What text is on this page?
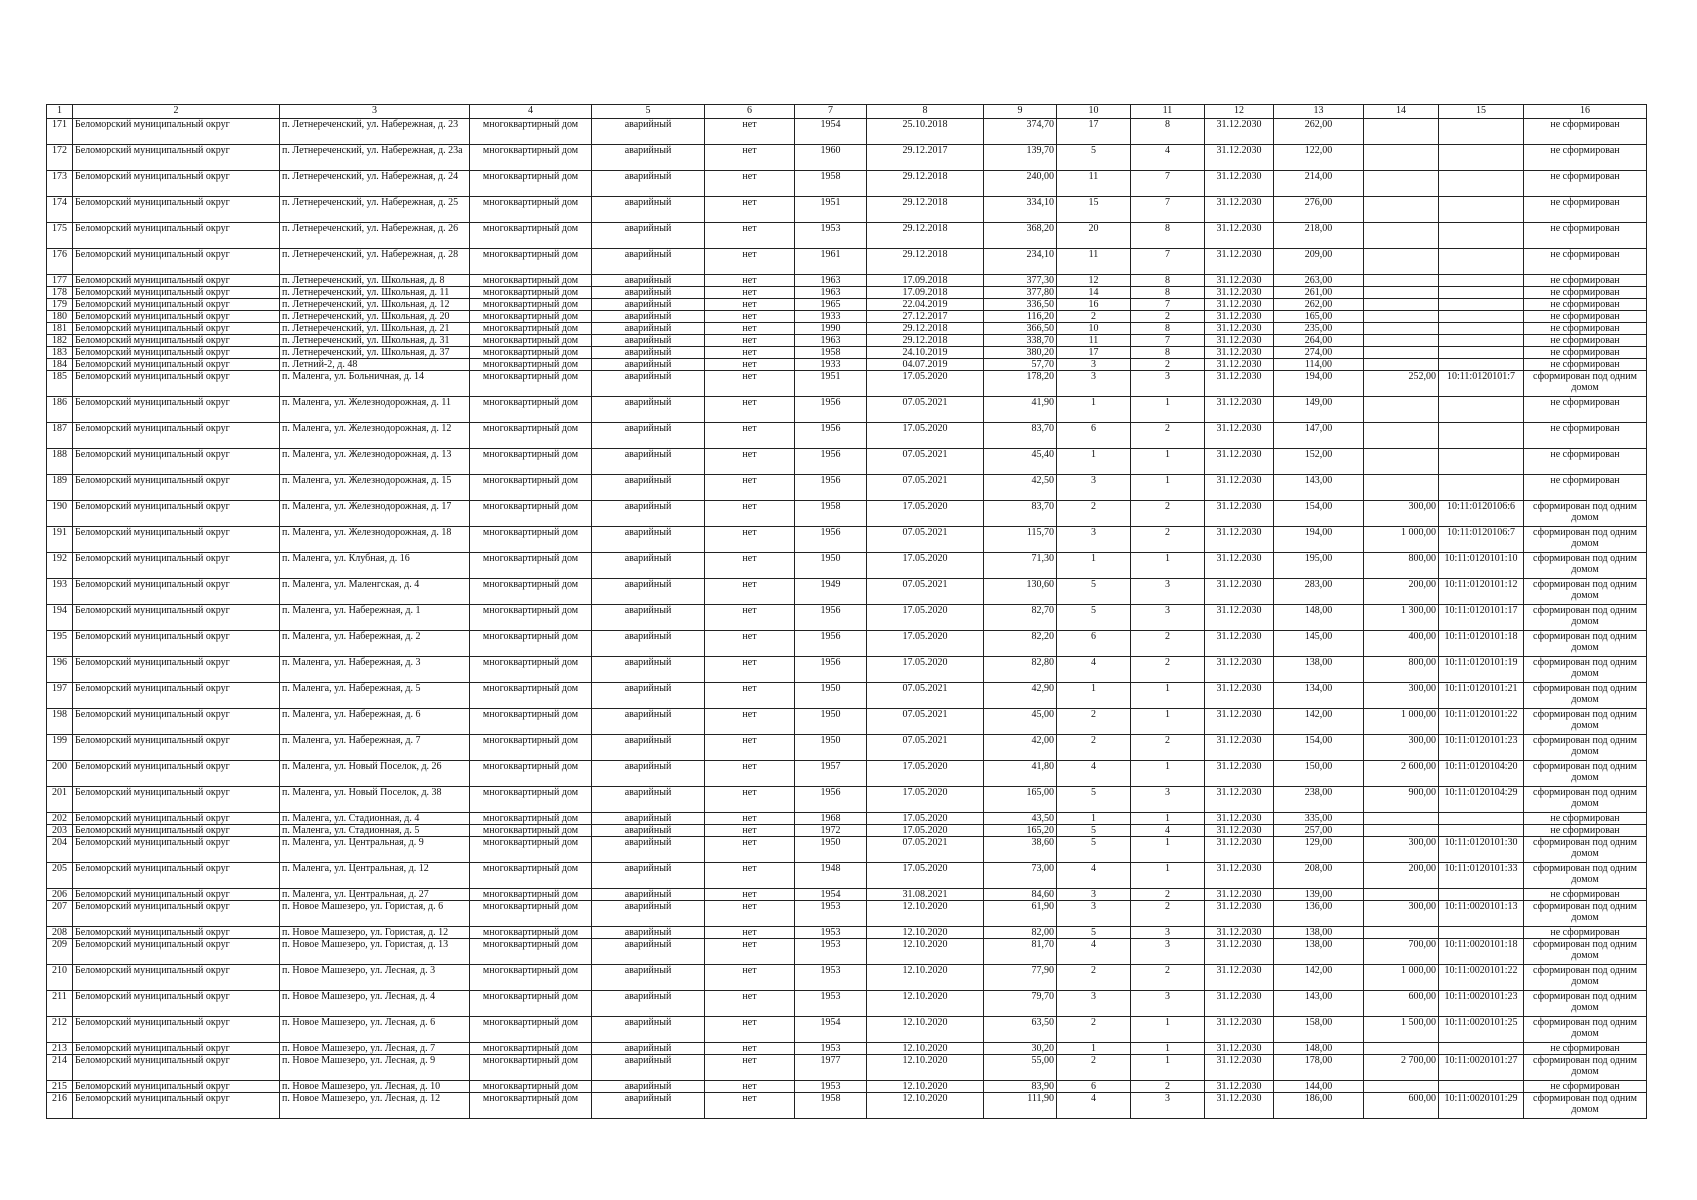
1	2	3	4	5	6	7	8	9	10	11	12	13	14	15	16
171	Беломорский муниципальный округ	п. Летнереченский, ул. Набережная, д. 23	многоквартирный дом	аварийный	нет	1954	25.10.2018	374,70	17	8	31.12.2030	262,00			не сформирован
172	Беломорский муниципальный округ	п. Летнереченский, ул. Набережная, д. 23а	многоквартирный дом	аварийный	нет	1960	29.12.2017	139,70	5	4	31.12.2030	122,00			не сформирован
173	Беломорский муниципальный округ	п. Летнереченский, ул. Набережная, д. 24	многоквартирный дом	аварийный	нет	1958	29.12.2018	240,00	11	7	31.12.2030	214,00			не сформирован
174	Беломорский муниципальный округ	п. Летнереченский, ул. Набережная, д. 25	многоквартирный дом	аварийный	нет	1951	29.12.2018	334,10	15	7	31.12.2030	276,00			не сформирован
175	Беломорский муниципальный округ	п. Летнереченский, ул. Набережная, д. 26	многоквартирный дом	аварийный	нет	1953	29.12.2018	368,20	20	8	31.12.2030	218,00			не сформирован
176	Беломорский муниципальный округ	п. Летнереченский, ул. Набережная, д. 28	многоквартирный дом	аварийный	нет	1961	29.12.2018	234,10	11	7	31.12.2030	209,00			не сформирован
177	Беломорский муниципальный округ	п. Летнереченский, ул. Школьная, д. 8	многоквартирный дом	аварийный	нет	1963	17.09.2018	377,30	12	8	31.12.2030	263,00			не сформирован
178	Беломорский муниципальный округ	п. Летнереченский, ул. Школьная, д. 11	многоквартирный дом	аварийный	нет	1963	17.09.2018	377,80	14	8	31.12.2030	261,00			не сформирован
179	Беломорский муниципальный округ	п. Летнереченский, ул. Школьная, д. 12	многоквартирный дом	аварийный	нет	1965	22.04.2019	336,50	16	7	31.12.2030	262,00			не сформирован
180	Беломорский муниципальный округ	п. Летнереченский, ул. Школьная, д. 20	многоквартирный дом	аварийный	нет	1933	27.12.2017	116,20	2	2	31.12.2030	165,00			не сформирован
181	Беломорский муниципальный округ	п. Летнереченский, ул. Школьная, д. 21	многоквартирный дом	аварийный	нет	1990	29.12.2018	366,50	10	8	31.12.2030	235,00			не сформирован
182	Беломорский муниципальный округ	п. Летнереченский, ул. Школьная, д. 31	многоквартирный дом	аварийный	нет	1963	29.12.2018	338,70	11	7	31.12.2030	264,00			не сформирован
183	Беломорский муниципальный округ	п. Летнереченский, ул. Школьная, д. 37	многоквартирный дом	аварийный	нет	1958	24.10.2019	380,20	17	8	31.12.2030	274,00			не сформирован
184	Беломорский муниципальный округ	п. Летний-2, д. 48	многоквартирный дом	аварийный	нет	1933	04.07.2019	57,70	3	2	31.12.2030	114,00			не сформирован
185	Беломорский муниципальный округ	п. Маленга, ул. Больничная, д. 14	многоквартирный дом	аварийный	нет	1951	17.05.2020	178,20	3	3	31.12.2030	194,00	252,00	10:11:0120101:7	сформирован под одним домом
186	Беломорский муниципальный округ	п. Маленга, ул. Железнодорожная, д. 11	многоквартирный дом	аварийный	нет	1956	07.05.2021	41,90	1	1	31.12.2030	149,00			не сформирован
187	Беломорский муниципальный округ	п. Маленга, ул. Железнодорожная, д. 12	многоквартирный дом	аварийный	нет	1956	17.05.2020	83,70	6	2	31.12.2030	147,00			не сформирован
188	Беломорский муниципальный округ	п. Маленга, ул. Железнодорожная, д. 13	многоквартирный дом	аварийный	нет	1956	07.05.2021	45,40	1	1	31.12.2030	152,00			не сформирован
189	Беломорский муниципальный округ	п. Маленга, ул. Железнодорожная, д. 15	многоквартирный дом	аварийный	нет	1956	07.05.2021	42,50	3	1	31.12.2030	143,00			не сформирован
190	Беломорский муниципальный округ	п. Маленга, ул. Железнодорожная, д. 17	многоквартирный дом	аварийный	нет	1958	17.05.2020	83,70	2	2	31.12.2030	154,00	300,00	10:11:0120106:6	сформирован под одним домом
191	Беломорский муниципальный округ	п. Маленга, ул. Железнодорожная, д. 18	многоквартирный дом	аварийный	нет	1956	07.05.2021	115,70	3	2	31.12.2030	194,00	1 000,00	10:11:0120106:7	сформирован под одним домом
192	Беломорский муниципальный округ	п. Маленга, ул. Клубная, д. 16	многоквартирный дом	аварийный	нет	1950	17.05.2020	71,30	1	1	31.12.2030	195,00	800,00	10:11:0120101:10	сформирован под одним домом
193	Беломорский муниципальный округ	п. Маленга, ул. Маленгская, д. 4	многоквартирный дом	аварийный	нет	1949	07.05.2021	130,60	5	3	31.12.2030	283,00	200,00	10:11:0120101:12	сформирован под одним домом
194	Беломорский муниципальный округ	п. Маленга, ул. Набережная, д. 1	многоквартирный дом	аварийный	нет	1956	17.05.2020	82,70	5	3	31.12.2030	148,00	1 300,00	10:11:0120101:17	сформирован под одним домом
195	Беломорский муниципальный округ	п. Маленга, ул. Набережная, д. 2	многоквартирный дом	аварийный	нет	1956	17.05.2020	82,20	6	2	31.12.2030	145,00	400,00	10:11:0120101:18	сформирован под одним домом
196	Беломорский муниципальный округ	п. Маленга, ул. Набережная, д. 3	многоквартирный дом	аварийный	нет	1956	17.05.2020	82,80	4	2	31.12.2030	138,00	800,00	10:11:0120101:19	сформирован под одним домом
197	Беломорский муниципальный округ	п. Маленга, ул. Набережная, д. 5	многоквартирный дом	аварийный	нет	1950	07.05.2021	42,90	1	1	31.12.2030	134,00	300,00	10:11:0120101:21	сформирован под одним домом
198	Беломорский муниципальный округ	п. Маленга, ул. Набережная, д. 6	многоквартирный дом	аварийный	нет	1950	07.05.2021	45,00	2	1	31.12.2030	142,00	1 000,00	10:11:0120101:22	сформирован под одним домом
199	Беломорский муниципальный округ	п. Маленга, ул. Набережная, д. 7	многоквартирный дом	аварийный	нет	1950	07.05.2021	42,00	2	2	31.12.2030	154,00	300,00	10:11:0120101:23	сформирован под одним домом
200	Беломорский муниципальный округ	п. Маленга, ул. Новый Поселок, д. 26	многоквартирный дом	аварийный	нет	1957	17.05.2020	41,80	4	1	31.12.2030	150,00	2 600,00	10:11:0120104:20	сформирован под одним домом
201	Беломорский муниципальный округ	п. Маленга, ул. Новый Поселок, д. 38	многоквартирный дом	аварийный	нет	1956	17.05.2020	165,00	5	3	31.12.2030	238,00	900,00	10:11:0120104:29	сформирован под одним домом
202	Беломорский муниципальный округ	п. Маленга, ул. Стадионная, д. 4	многоквартирный дом	аварийный	нет	1968	17.05.2020	43,50	1	1	31.12.2030	335,00			не сформирован
203	Беломорский муниципальный округ	п. Маленга, ул. Стадионная, д. 5	многоквартирный дом	аварийный	нет	1972	17.05.2020	165,20	5	4	31.12.2030	257,00			не сформирован
204	Беломорский муниципальный округ	п. Маленга, ул. Центральная, д. 9	многоквартирный дом	аварийный	нет	1950	07.05.2021	38,60	5	1	31.12.2030	129,00	300,00	10:11:0120101:30	сформирован под одним домом
205	Беломорский муниципальный округ	п. Маленга, ул. Центральная, д. 12	многоквартирный дом	аварийный	нет	1948	17.05.2020	73,00	4	1	31.12.2030	208,00	200,00	10:11:0120101:33	сформирован под одним домом
206	Беломорский муниципальный округ	п. Маленга, ул. Центральная, д. 27	многоквартирный дом	аварийный	нет	1954	31.08.2021	84,60	3	2	31.12.2030	139,00			не сформирован
207	Беломорский муниципальный округ	п. Новое Машезеро, ул. Гористая, д. 6	многоквартирный дом	аварийный	нет	1953	12.10.2020	61,90	3	2	31.12.2030	136,00	300,00	10:11:0020101:13	сформирован под одним домом
208	Беломорский муниципальный округ	п. Новое Машезеро, ул. Гористая, д. 12	многоквартирный дом	аварийный	нет	1953	12.10.2020	82,00	5	3	31.12.2030	138,00			не сформирован
209	Беломорский муниципальный округ	п. Новое Машезеро, ул. Гористая, д. 13	многоквартирный дом	аварийный	нет	1953	12.10.2020	81,70	4	3	31.12.2030	138,00	700,00	10:11:0020101:18	сформирован под одним домом
210	Беломорский муниципальный округ	п. Новое Машезеро, ул. Лесная, д. 3	многоквартирный дом	аварийный	нет	1953	12.10.2020	77,90	2	2	31.12.2030	142,00	1 000,00	10:11:0020101:22	сформирован под одним домом
211	Беломорский муниципальный округ	п. Новое Машезеро, ул. Лесная, д. 4	многоквартирный дом	аварийный	нет	1953	12.10.2020	79,70	3	3	31.12.2030	143,00	600,00	10:11:0020101:23	сформирован под одним домом
212	Беломорский муниципальный округ	п. Новое Машезеро, ул. Лесная, д. 6	многоквартирный дом	аварийный	нет	1954	12.10.2020	63,50	2	1	31.12.2030	158,00	1 500,00	10:11:0020101:25	сформирован под одним домом
213	Беломорский муниципальный округ	п. Новое Машезеро, ул. Лесная, д. 7	многоквартирный дом	аварийный	нет	1953	12.10.2020	30,20	1	1	31.12.2030	148,00			не сформирован
214	Беломорский муниципальный округ	п. Новое Машезеро, ул. Лесная, д. 9	многоквартирный дом	аварийный	нет	1977	12.10.2020	55,00	2	1	31.12.2030	178,00	2 700,00	10:11:0020101:27	сформирован под одним домом
215	Беломорский муниципальный округ	п. Новое Машезеро, ул. Лесная, д. 10	многоквартирный дом	аварийный	нет	1953	12.10.2020	83,90	6	2	31.12.2030	144,00			не сформирован
216	Беломорский муниципальный округ	п. Новое Машезеро, ул. Лесная, д. 12	многоквартирный дом	аварийный	нет	1958	12.10.2020	111,90	4	3	31.12.2030	186,00	600,00	10:11:0020101:29	сформирован под одним домом
